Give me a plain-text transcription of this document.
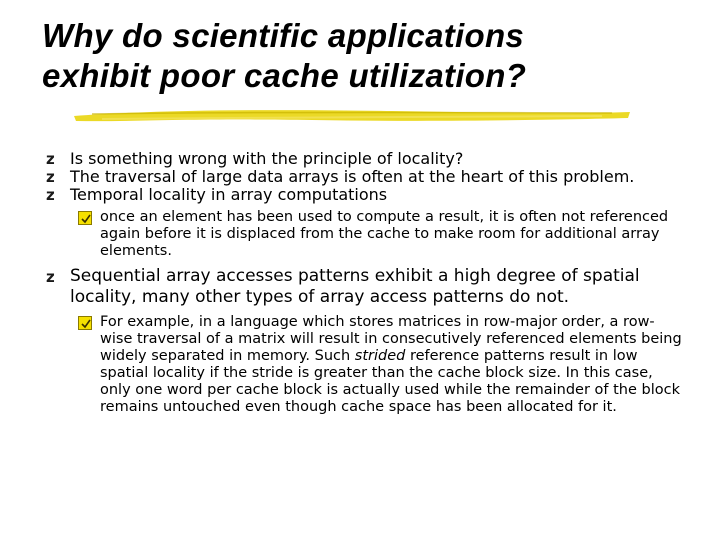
Why do scientific applications
exhibit poor cache utilization?
z Is something wrong with the principle of locality?
z The traversal of large data arrays is often at the heart of this problem.
z Temporal locality in array computations
once an element has been used to compute a result, it is often not referenced again before it is displaced from the cache to make room for additional array elements.
z Sequential array accesses patterns exhibit a high degree of spatial locality, many other types of array access patterns do not.
For example, in a language which stores matrices in row-major order, a row-wise traversal of a matrix will result in consecutively referenced elements being widely separated in memory. Such strided reference patterns result in low spatial locality if the stride is greater than the cache block size. In this case, only one word per cache block is actually used while the remainder of the block remains untouched even though cache space has been allocated for it.
